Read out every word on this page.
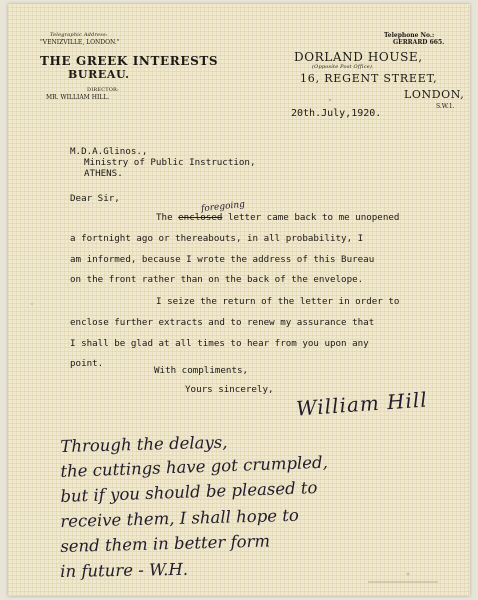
Telegraphic Address:
"VENIZVILLE, LONDON."
THE GREEK INTERESTS
BUREAU.
DIRECTOR:
MR. WILLIAM HILL.
Telephone No.:
GERRARD 665.
DORLAND HOUSE,
(Opposite Post Office).
16, REGENT STREET,
LONDON,
S.W.1.
20th.July,1920.
M.D.A.Glinos.,
Ministry of Public Instruction,
ATHENS.
Dear Sir,
foregoing
The enclosed letter came back to me unopened
a fortnight ago or thereabouts, in all probability, I
am informed, because I wrote the address of this Bureau
on the front rather than on the back of the envelope.
I seize the return of the letter in order to
enclose further extracts and to renew my assurance that
I shall be glad at all times to hear from you upon any
point.
With compliments,
Yours sincerely, William Hill
Through the delays,
the cuttings have got crumpled,
but if you should be pleased to
receive them, I shall hope to
send them in better form
in future - W.H.
